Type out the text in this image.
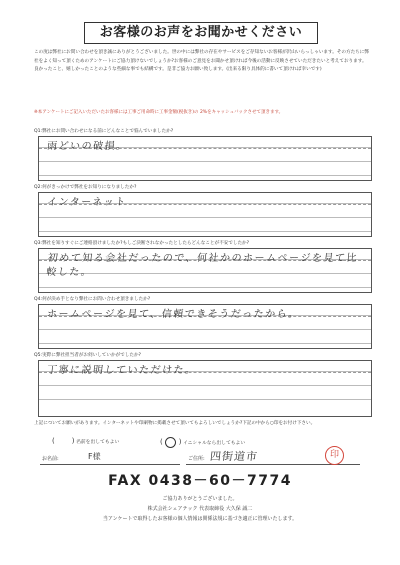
お客様のお声をお聞かせください
この度は弊社にお問い合わせを頂き誠にありがとうございました。世の中には弊社の存在やサービスをご存知ないお客様が沢山いらっしゃいます。その方たちに弊社をよく知って頂くためのアンケートにご協力頂けないでしょうか?お客様のご意見をお聞かせ頂ければ今後の活動に反映させていただきたいと考えております。良かったこと、嬉しかったことのような些細な事でも結構です。是非ご協力お願い致します。(出来る限り具体的に書いて頂ければ幸いです)
※本アンケートにご記入いただいたお客様には工事ご用命時に工事金額(税抜き)の 2%をキャッシュバックさせて頂きます。
Q1:弊社にお問い合わせになる前にどんなことで悩んでいましたか?
雨どいの破損。
Q2:何がきっかけで弊社をお知りになりましたか?
インターネット
Q3:弊社を知りすぐにご連絡頂けましたか?もしご決断されなかったとしたらどんなことが不安でしたか?
初めて知る会社だったので、何社かのホームページを見て比較した。
Q4:何が決め手となり弊社にお問い合わせ頂きましたか?
ホームページを見て、信頼できそうだったから。
Q5:実際に弊社担当者がお伺いしていかがでしたか?
丁寧に説明していただけた。
上記についてお願いがあります。インターネットや印刷物に掲載させて頂いてもよろしいでしょうか?下記の中から○印をお付け下さい。
( ) 名前を出してもよい	( ) イニシャルなら出してもよい
お名前:	F様	ご住所: 四街道市	印
FAX 0438－60－7774
ご協力ありがとうございました。
株式会社シェアテック 代表取締役 大久保 誠二
当アンケートで取得したお客様の個人情報は関係法規に基づき適正に管理いたします。
